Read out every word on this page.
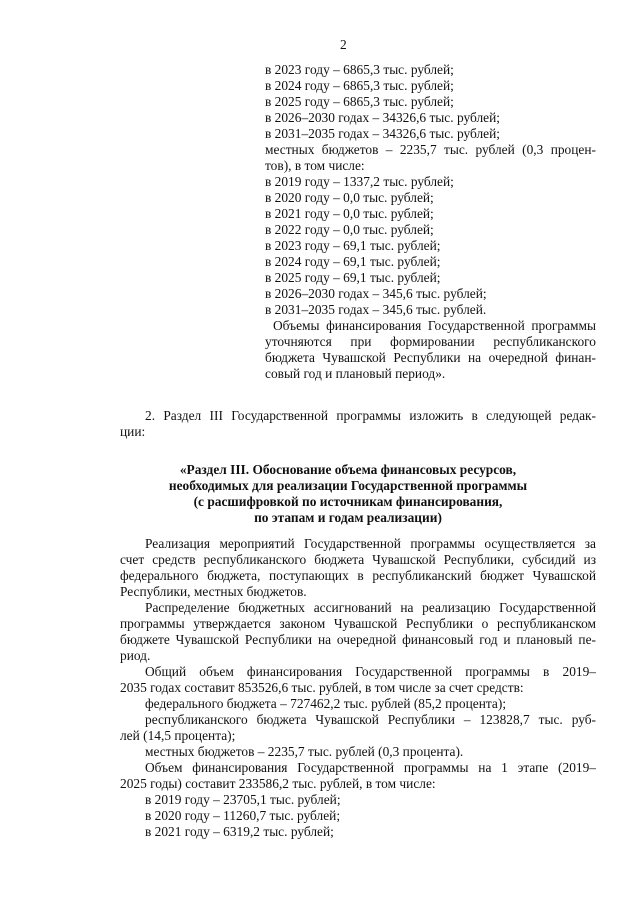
2
в 2023 году – 6865,3 тыс. рублей;
в 2024 году – 6865,3 тыс. рублей;
в 2025 году – 6865,3 тыс. рублей;
в 2026–2030 годах – 34326,6 тыс. рублей;
в 2031–2035 годах – 34326,6 тыс. рублей;
местных бюджетов – 2235,7 тыс. рублей (0,3 процен-
тов), в том числе:
в 2019 году – 1337,2 тыс. рублей;
в 2020 году – 0,0 тыс. рублей;
в 2021 году – 0,0 тыс. рублей;
в 2022 году – 0,0 тыс. рублей;
в 2023 году – 69,1 тыс. рублей;
в 2024 году – 69,1 тыс. рублей;
в 2025 году – 69,1 тыс. рублей;
в 2026–2030 годах – 345,6 тыс. рублей;
в 2031–2035 годах – 345,6 тыс. рублей.
Объемы финансирования Государственной программы
уточняются при формировании республиканского
бюджета Чувашской Республики на очередной финан-
совый год и плановый период».
2. Раздел III Государственной программы изложить в следующей редак-
ции:
«Раздел III. Обоснование объема финансовых ресурсов,
необходимых для реализации Государственной программы
(с расшифровкой по источникам финансирования,
по этапам и годам реализации)
Реализация мероприятий Государственной программы осуществляется за
счет средств республиканского бюджета Чувашской Республики, субсидий из
федерального бюджета, поступающих в республиканский бюджет Чувашской
Республики, местных бюджетов.
Распределение бюджетных ассигнований на реализацию Государственной
программы утверждается законом Чувашской Республики о республиканском
бюджете Чувашской Республики на очередной финансовый год и плановый пе-
риод.
Общий объем финансирования Государственной программы в 2019–
2035 годах составит 853526,6 тыс. рублей, в том числе за счет средств:
федерального бюджета – 727462,2 тыс. рублей (85,2 процента);
республиканского бюджета Чувашской Республики – 123828,7 тыс. руб-
лей (14,5 процента);
местных бюджетов – 2235,7 тыс. рублей (0,3 процента).
Объем финансирования Государственной программы на 1 этапе (2019–
2025 годы) составит 233586,2 тыс. рублей, в том числе:
в 2019 году – 23705,1 тыс. рублей;
в 2020 году – 11260,7 тыс. рублей;
в 2021 году – 6319,2 тыс. рублей;
